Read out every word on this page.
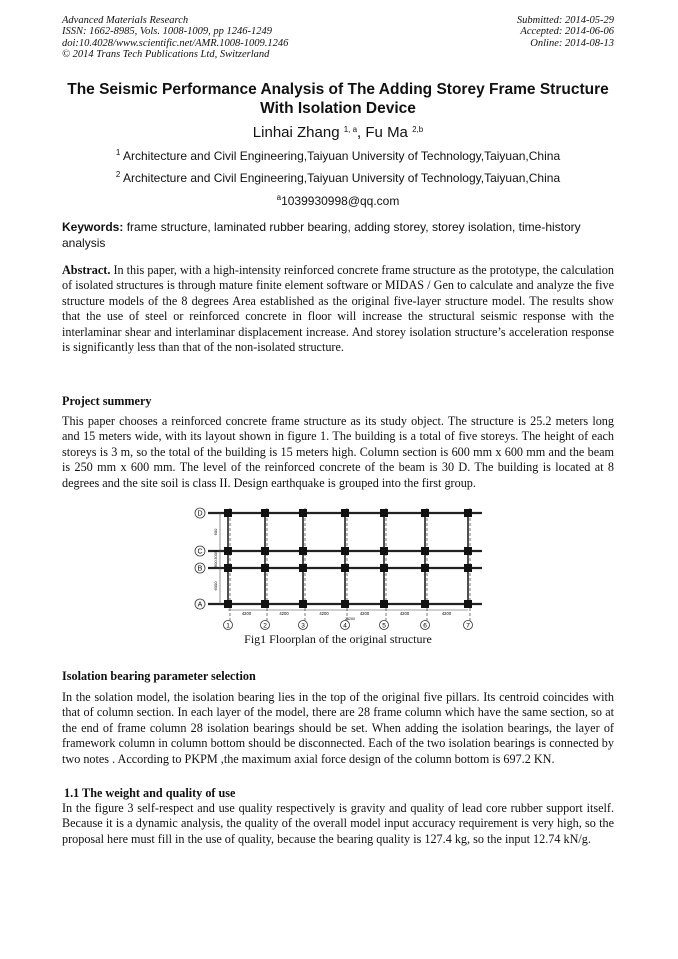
Advanced Materials Research
ISSN: 1662-8985, Vols. 1008-1009, pp 1246-1249
doi:10.4028/www.scientific.net/AMR.1008-1009.1246
© 2014 Trans Tech Publications Ltd, Switzerland
Submitted: 2014-05-29
Accepted: 2014-06-06
Online: 2014-08-13
The Seismic Performance Analysis of The Adding Storey Frame Structure With Isolation Device
Linhai Zhang $^{1, a}$, Fu Ma $^{2,b}$
$^1$ Architecture and Civil Engineering,Taiyuan University of Technology,Taiyuan,China
$^2$ Architecture and Civil Engineering,Taiyuan University of Technology,Taiyuan,China
$^a$1039930998@qq.com
Keywords: frame structure, laminated rubber bearing, adding storey, storey isolation, time-history analysis
Abstract. In this paper, with a high-intensity reinforced concrete frame structure as the prototype, the calculation of isolated structures is through mature finite element software or MIDAS / Gen to calculate and analyze the five structure models of the 8 degrees Area established as the original five-layer structure model. The results show that the use of steel or reinforced concrete in floor will increase the structural seismic response with the interlaminar shear and interlaminar displacement increase. And storey isolation structure’s acceleration response is significantly less than that of the non-isolated structure.
Project summery
This paper chooses a reinforced concrete frame structure as its study object. The structure is 25.2 meters long and 15 meters wide, with its layout shown in figure 1. The building is a total of five storeys. The height of each storeys is 3 m, so the total of the building is 15 meters high. Column section is 600 mm x 600 mm and the beam is 250 mm x 600 mm. The level of the reinforced concrete of the beam is 30 D. The building is located at 8 degrees and the site soil is class II. Design earthquake is grouped into the first group.
D
C
B
A
600
3000
600
6000
4200	4200	4200	4200	4200	4200
25200
1	2	3	4	5	6	7
Fig1 Floorplan of the original structure
Isolation bearing parameter selection
In the solation model, the isolation bearing lies in the top of the original five pillars. Its centroid coincides with that of column section. In each layer of the model, there are 28 frame column which have the same section, so at the end of frame column 28 isolation bearings should be set. When adding the isolation bearings, the layer of framework column in column bottom should be disconnected. Each of the two isolation bearings is connected by two notes . According to PKPM ,the maximum axial force design of the column bottom is 697.2 KN.
1.1 The weight and quality of use
In the figure 3 self-respect and use quality respectively is gravity and quality of lead core rubber support itself. Because it is a dynamic analysis, the quality of the overall model input accuracy requirement is very high, so the proposal here must fill in the use of quality, because the bearing quality is 127.4 kg, so the input 12.74 kN/g.
